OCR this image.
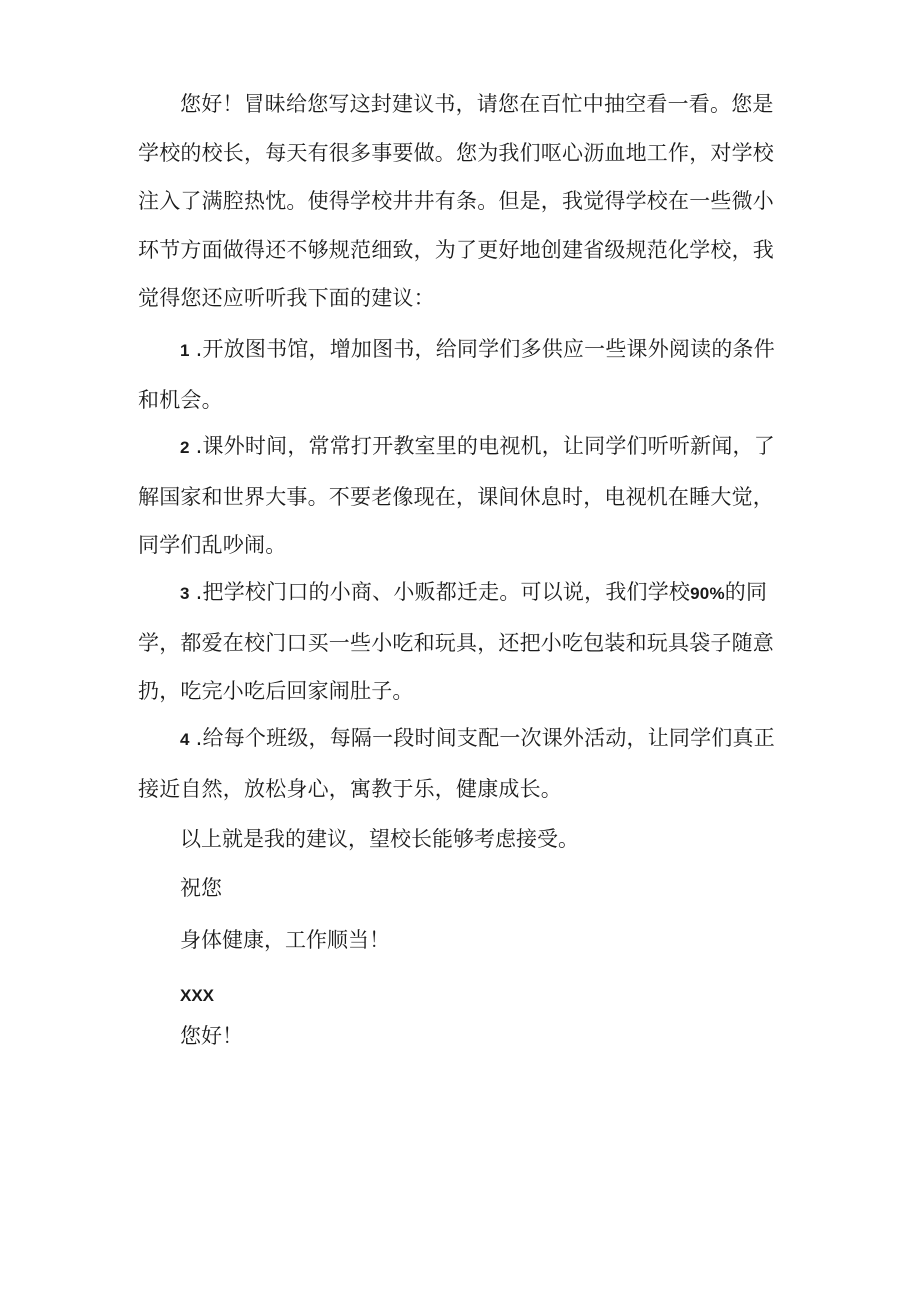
您好！冒昧给您写这封建议书，请您在百忙中抽空看一看。您是学校的校长，每天有很多事要做。您为我们呕心沥血地工作，对学校注入了满腔热忱。使得学校井井有条。但是，我觉得学校在一些微小环节方面做得还不够规范细致，为了更好地创建省级规范化学校，我觉得您还应听听我下面的建议：

1 .开放图书馆，增加图书，给同学们多供应一些课外阅读的条件和机会。

2 .课外时间，常常打开教室里的电视机，让同学们听听新闻，了解国家和世界大事。不要老像现在，课间休息时，电视机在睡大觉，同学们乱吵闹。

3 .把学校门口的小商、小贩都迁走。可以说，我们学校90%的同学，都爱在校门口买一些小吃和玩具，还把小吃包装和玩具袋子随意扔，吃完小吃后回家闹肚子。

4 .给每个班级，每隔一段时间支配一次课外活动，让同学们真正接近自然，放松身心，寓教于乐，健康成长。

以上就是我的建议，望校长能够考虑接受。

祝您

身体健康，工作顺当！

XXX

您好！
